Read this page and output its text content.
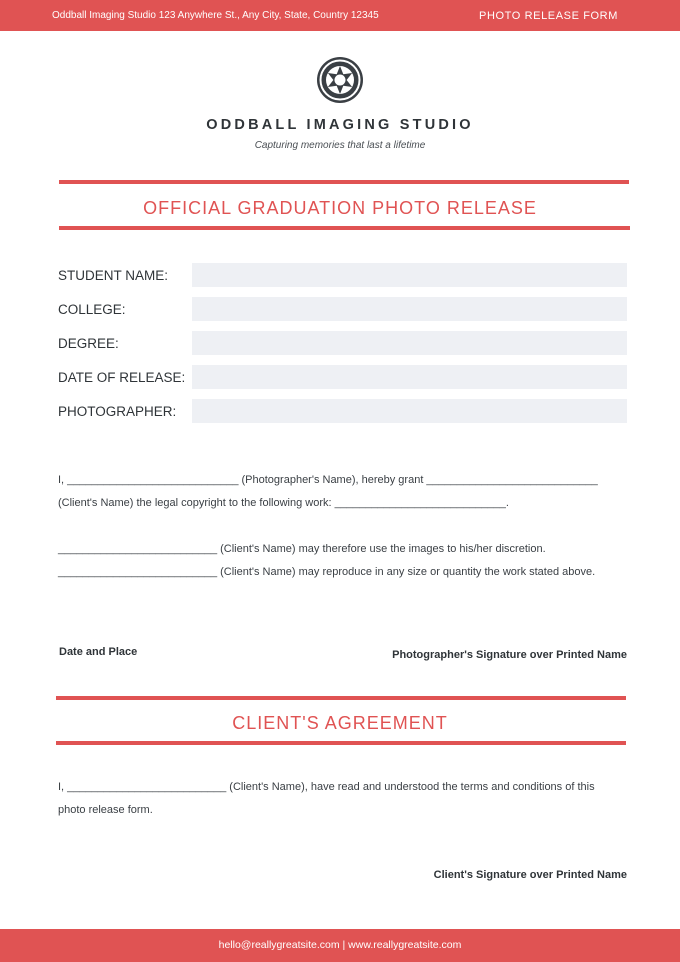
Oddball Imaging Studio 123 Anywhere St., Any City, State, Country 12345	PHOTO RELEASE FORM
ODDBALL IMAGING STUDIO
Capturing memories that last a lifetime
OFFICIAL GRADUATION PHOTO RELEASE
STUDENT NAME:
COLLEGE:
DEGREE:
DATE OF RELEASE:
PHOTOGRAPHER:
I, ____________________________ (Photographer's Name), hereby grant ____________________________
(Client's Name) the legal copyright to the following work: ____________________________.
__________________________ (Client's Name) may therefore use the images to his/her discretion.
__________________________ (Client's Name) may reproduce in any size or quantity the work stated above.
Date and Place	Photographer's Signature over Printed Name
CLIENT'S AGREEMENT
I, __________________________ (Client's Name), have read and understood the terms and conditions of this
photo release form.
Client's Signature over Printed Name
hello@reallygreatsite.com | www.reallygreatsite.com
